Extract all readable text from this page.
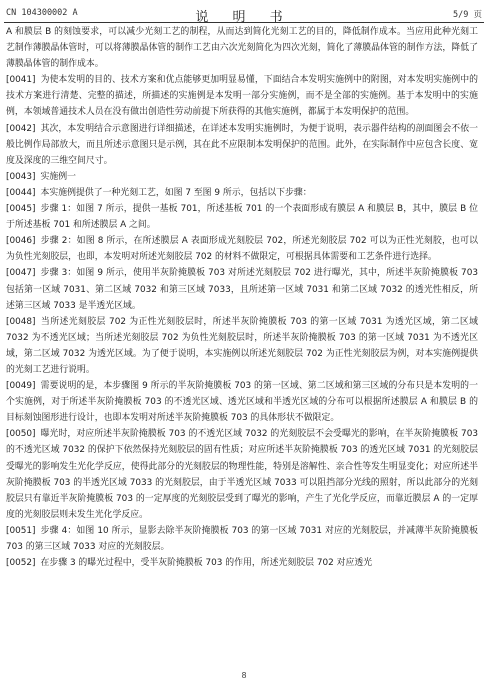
CN 104300002 A	说 明 书	5/9 页

A 和膜层 B 的刻蚀要求，可以减少光刻工艺的制程，从而达到简化光刻工艺的目的，降低制作成本。当应用此种光刻工艺制作薄膜晶体管时，可以将薄膜晶体管的制作工艺由六次光刻简化为四次光刻，简化了薄膜晶体管的制作方法，降低了薄膜晶体管的制作成本。

[0041] 为使本发明的目的、技术方案和优点能够更加明显易懂，下面结合本发明实施例中的附图，对本发明实施例中的技术方案进行清楚、完整的描述，所描述的实施例是本发明一部分实施例，而不是全部的实施例。基于本发明中的实施例，本领域普通技术人员在没有做出创造性劳动前提下所获得的其他实施例，都属于本发明保护的范围。

[0042] 其次，本发明结合示意图进行详细描述，在详述本发明实施例时，为便于说明，表示器件结构的剖面图会不依一般比例作局部放大，而且所述示意图只是示例，其在此不应限制本发明保护的范围。此外，在实际制作中应包含长度、宽度及深度的三维空间尺寸。

[0043] 实施例一

[0044] 本实施例提供了一种光刻工艺，如图 7 至图 9 所示，包括以下步骤：

[0045] 步骤 1：如图 7 所示，提供一基板 701，所述基板 701 的一个表面形成有膜层 A 和膜层 B，其中，膜层 B 位于所述基板 701 和所述膜层 A 之间。

[0046] 步骤 2：如图 8 所示，在所述膜层 A 表面形成光刻胶层 702，所述光刻胶层 702 可以为正性光刻胶，也可以为负性光刻胶层，也即，本发明对所述光刻胶层 702 的材料不做限定，可根据具体需要和工艺条件进行选择。

[0047] 步骤 3：如图 9 所示，使用半灰阶掩膜板 703 对所述光刻胶层 702 进行曝光，其中，所述半灰阶掩膜板 703 包括第一区域 7031、第二区域 7032 和第三区域 7033，且所述第一区域 7031 和第二区域 7032 的透光性相反，所述第三区域 7033 是半透光区域。

[0048] 当所述光刻胶层 702 为正性光刻胶层时，所述半灰阶掩膜板 703 的第一区域 7031 为透光区域，第二区域 7032 为不透光区域；当所述光刻胶层 702 为负性光刻胶层时，所述半灰阶掩膜板 703 的第一区域 7031 为不透光区域，第二区域 7032 为透光区域。为了便于说明，本实施例以所述光刻胶层 702 为正性光刻胶层为例，对本实施例提供的光刻工艺进行说明。

[0049] 需要说明的是，本步骤图 9 所示的半灰阶掩膜板 703 的第一区域、第二区域和第三区域的分布只是本发明的一个实施例，对于所述半灰阶掩膜板 703 的不透光区域、透光区域和半透光区域的分布可以根据所述膜层 A 和膜层 B 的目标刻蚀图形进行设计，也即本发明对所述半灰阶掩膜板 703 的具体形状不做限定。

[0050] 曝光时，对应所述半灰阶掩膜板 703 的不透光区域 7032 的光刻胶层不会受曝光的影响，在半灰阶掩膜板 703 的不透光区域 7032 的保护下依然保持光刻胶层的固有性质；对应所述半灰阶掩膜板 703 的透光区域 7031 的光刻胶层受曝光的影响发生光化学反应，使得此部分的光刻胶层的物理性能，特别是溶解性、亲合性等发生明显变化；对应所述半灰阶掩膜板 703 的半透光区域 7033 的光刻胶层，由于半透光区域 7033 可以阻挡部分光线的照射，所以此部分的光刻胶层只有靠近半灰阶掩膜板 703 的一定厚度的光刻胶层受到了曝光的影响，产生了光化学反应，而靠近膜层 A 的一定厚度的光刻胶层则未发生光化学反应。

[0051] 步骤 4：如图 10 所示，显影去除半灰阶掩膜板 703 的第一区域 7031 对应的光刻胶层，并减薄半灰阶掩膜板 703 的第三区域 7033 对应的光刻胶层。

[0052] 在步骤 3 的曝光过程中，受半灰阶掩膜板 703 的作用，所述光刻胶层 702 对应透光

8
